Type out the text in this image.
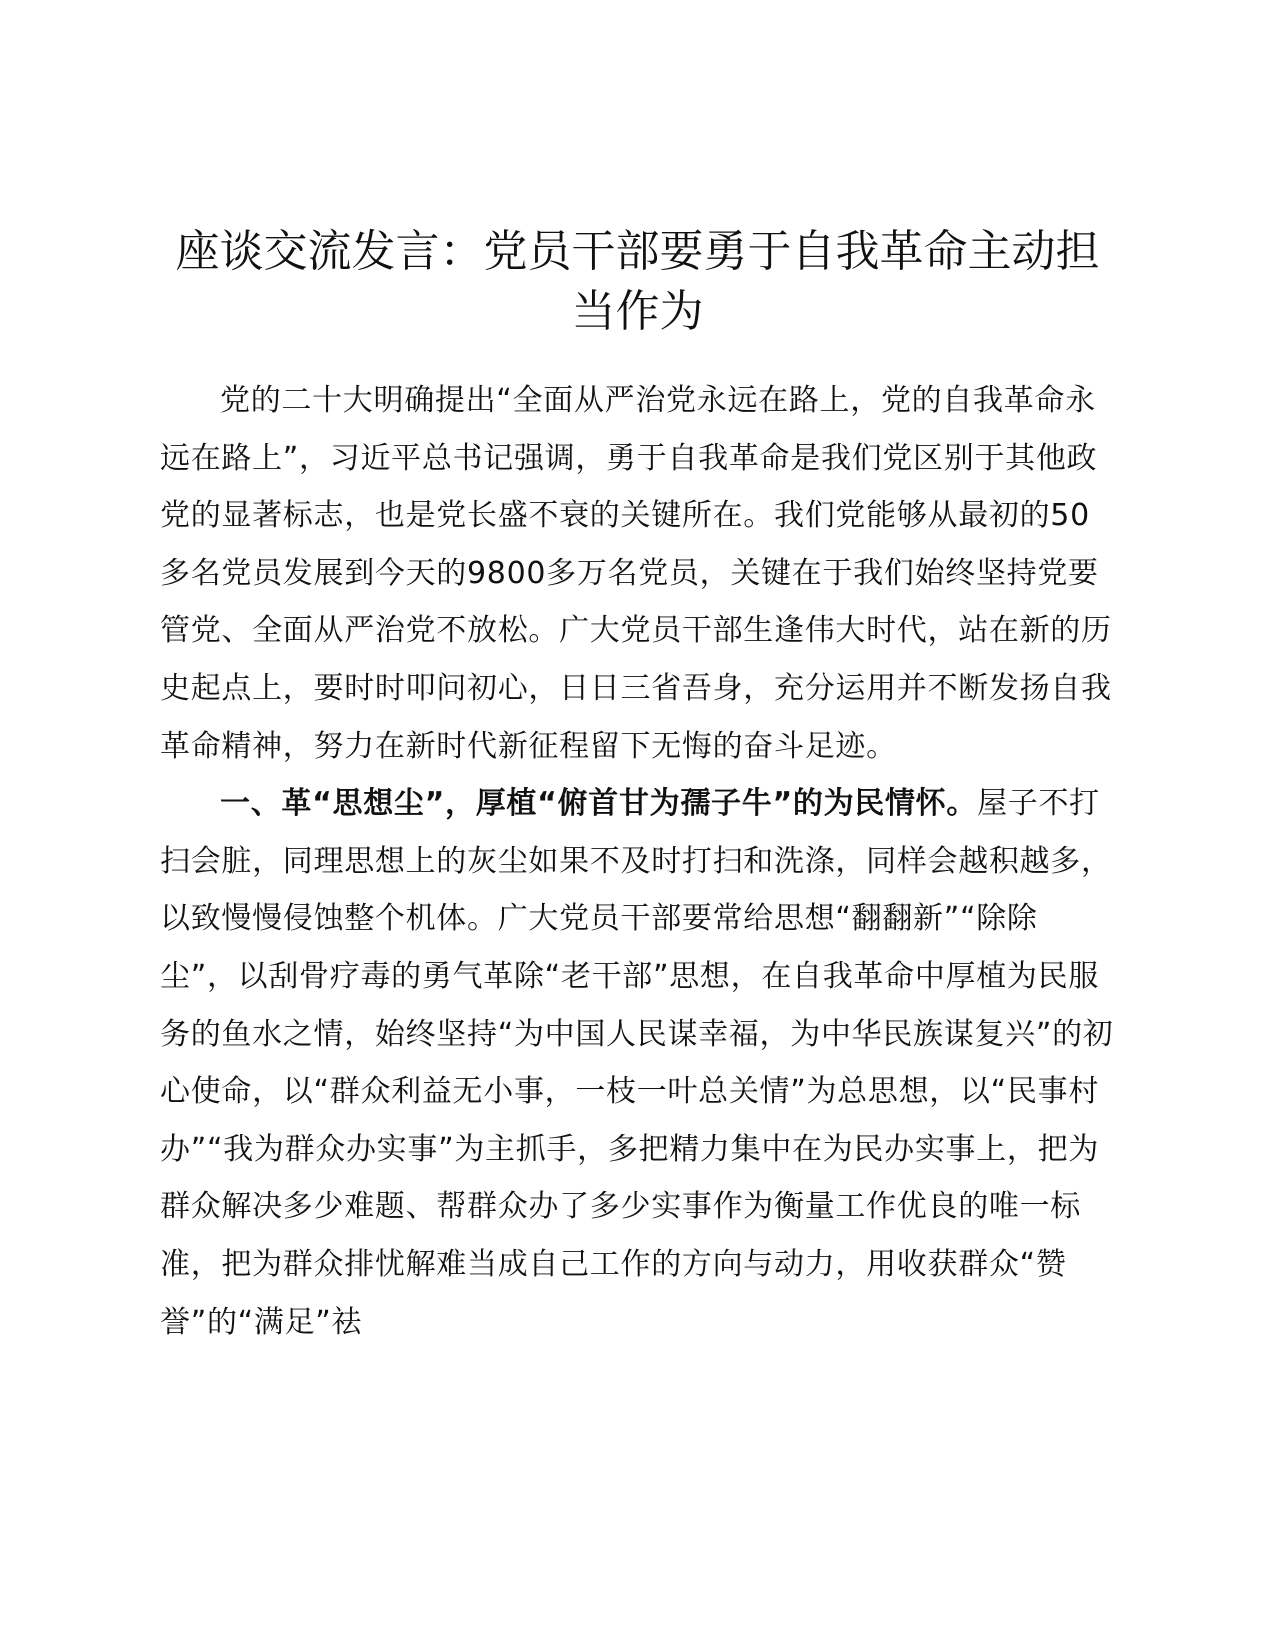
座谈交流发言：党员干部要勇于自我革命主动担当作为

党的二十大明确提出“全面从严治党永远在路上，党的自我革命永远在路上”，习近平总书记强调，勇于自我革命是我们党区别于其他政党的显著标志，也是党长盛不衰的关键所在。我们党能够从最初的50多名党员发展到今天的9800多万名党员，关键在于我们始终坚持党要管党、全面从严治党不放松。广大党员干部生逢伟大时代，站在新的历史起点上，要时时叩问初心，日日三省吾身，充分运用并不断发扬自我革命精神，努力在新时代新征程留下无悔的奋斗足迹。

一、革“思想尘”，厚植“俯首甘为孺子牛”的为民情怀。屋子不打扫会脏，同理思想上的灰尘如果不及时打扫和洗涤，同样会越积越多，以致慢慢侵蚀整个机体。广大党员干部要常给思想“翻翻新”“除除尘”，以刮骨疗毒的勇气革除“老干部”思想，在自我革命中厚植为民服务的鱼水之情，始终坚持“为中国人民谋幸福，为中华民族谋复兴”的初心使命，以“群众利益无小事，一枝一叶总关情”为总思想，以“民事村办”“我为群众办实事”为主抓手，多把精力集中在为民办实事上，把为群众解决多少难题、帮群众办了多少实事作为衡量工作优良的唯一标准，把为群众排忧解难当成自己工作的方向与动力，用收获群众“赞誉”的“满足”祛
